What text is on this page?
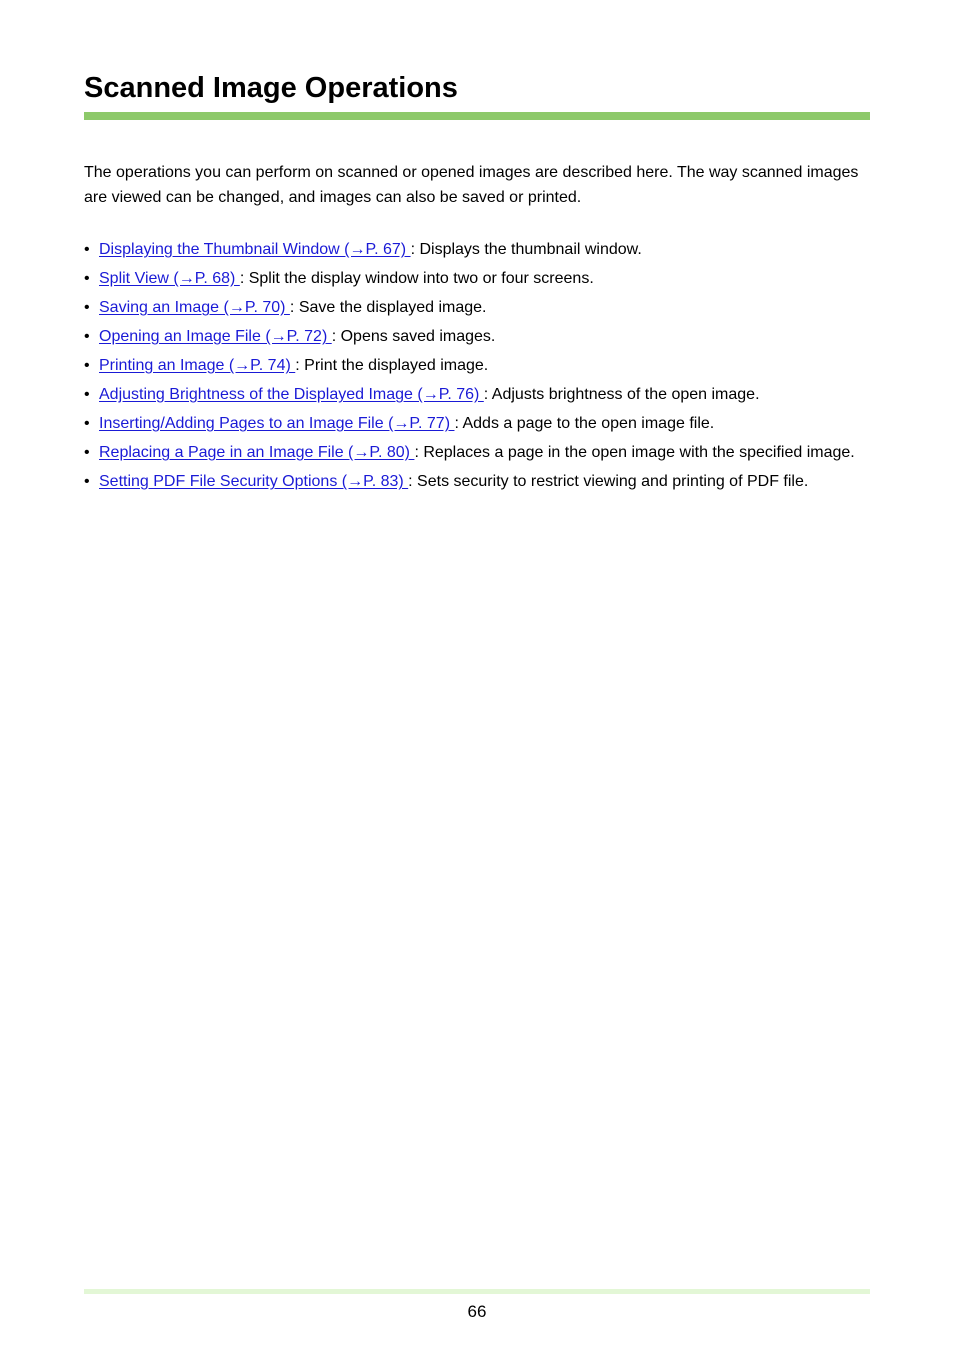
Scanned Image Operations

The operations you can perform on scanned or opened images are described here. The way scanned images are viewed can be changed, and images can also be saved or printed.

• Displaying the Thumbnail Window (→P. 67) : Displays the thumbnail window.
• Split View (→P. 68) : Split the display window into two or four screens.
• Saving an Image (→P. 70) : Save the displayed image.
• Opening an Image File (→P. 72) : Opens saved images.
• Printing an Image (→P. 74) : Print the displayed image.
• Adjusting Brightness of the Displayed Image (→P. 76) : Adjusts brightness of the open image.
• Inserting/Adding Pages to an Image File (→P. 77) : Adds a page to the open image file.
• Replacing a Page in an Image File (→P. 80) : Replaces a page in the open image with the specified image.
• Setting PDF File Security Options (→P. 83) : Sets security to restrict viewing and printing of PDF file.
66
